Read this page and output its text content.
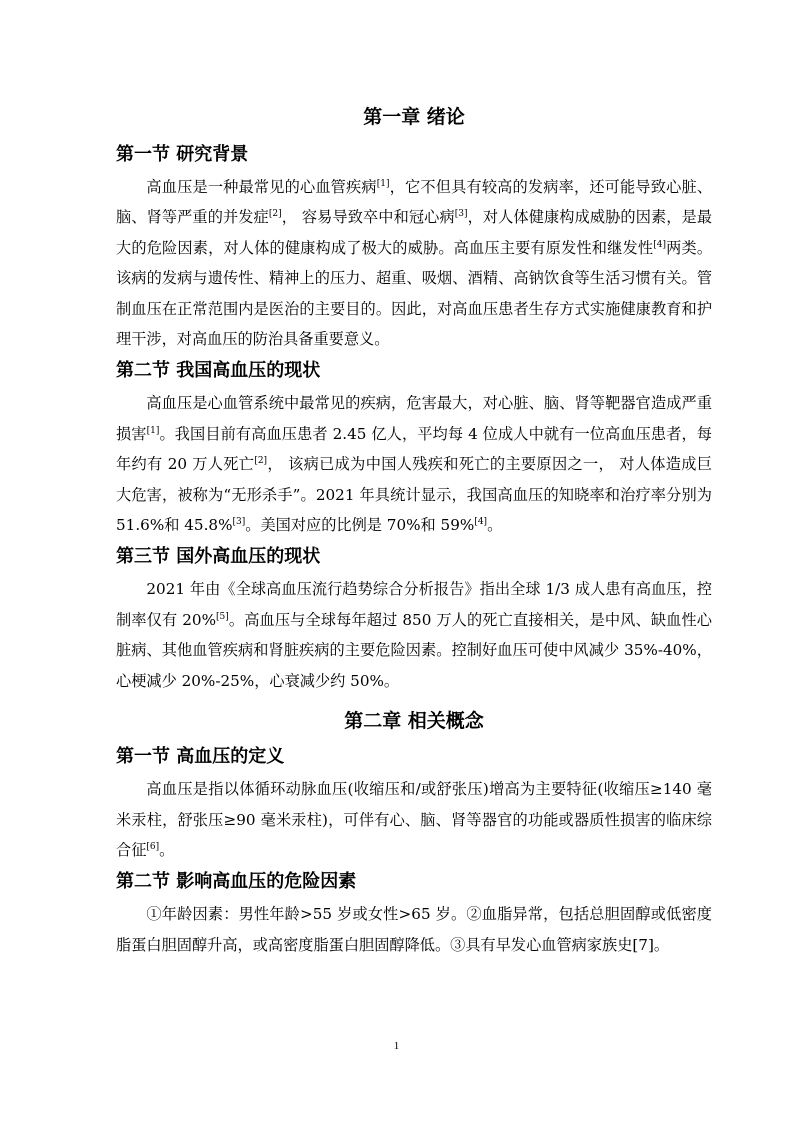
第一章 绪论
第一节 研究背景

高血压是一种最常见的心血管疾病[1]，它不但具有较高的发病率，还可能导致心脏、脑、肾等严重的并发症[2]， 容易导致卒中和冠心病[3]，对人体健康构成威胁的因素，是最大的危险因素，对人体的健康构成了极大的威胁。高血压主要有原发性和继发性[4]两类。该病的发病与遗传性、精神上的压力、超重、吸烟、酒精、高钠饮食等生活习惯有关。管制血压在正常范围内是医治的主要目的。因此，对高血压患者生存方式实施健康教育和护理干涉，对高血压的防治具备重要意义。

第二节 我国高血压的现状

高血压是心血管系统中最常见的疾病，危害最大，对心脏、脑、肾等靶器官造成严重损害[1]。我国目前有高血压患者 2.45 亿人，平均每 4 位成人中就有一位高血压患者，每年约有 20 万人死亡[2]， 该病已成为中国人残疾和死亡的主要原因之一， 对人体造成巨大危害，被称为“无形杀手”。2021 年具统计显示，我国高血压的知晓率和治疗率分别为 51.6%和 45.8%[3]。美国对应的比例是 70%和 59%[4]。

第三节 国外高血压的现状

2021 年由《全球高血压流行趋势综合分析报告》指出全球 1/3 成人患有高血压，控制率仅有 20%[5]。高血压与全球每年超过 850 万人的死亡直接相关，是中风、缺血性心脏病、其他血管疾病和肾脏疾病的主要危险因素。控制好血压可使中风减少 35%-40%，心梗减少 20%-25%，心衰减少约 50%。

第二章 相关概念
第一节 高血压的定义

高血压是指以体循环动脉血压(收缩压和/或舒张压)增高为主要特征(收缩压≥140 毫米汞柱，舒张压≥90 毫米汞柱)，可伴有心、脑、肾等器官的功能或器质性损害的临床综合征[6]。

第二节 影响高血压的危险因素

①年龄因素：男性年龄>55 岁或女性>65 岁。②血脂异常，包括总胆固醇或低密度脂蛋白胆固醇升高，或高密度脂蛋白胆固醇降低。③具有早发心血管病家族史[7]。

1
